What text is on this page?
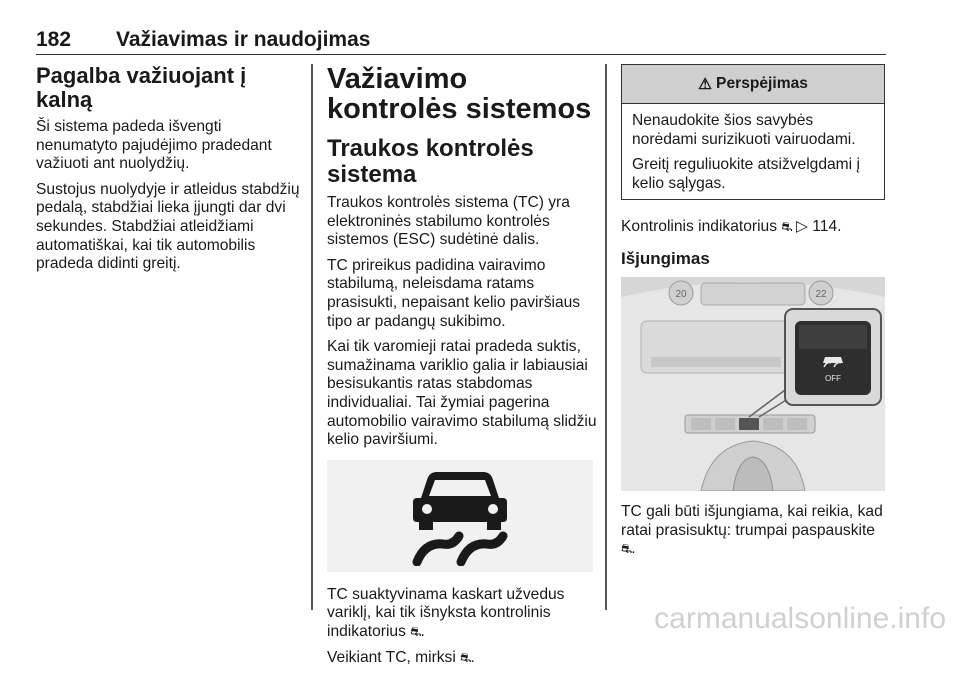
182 Važiavimas ir naudojimas
Pagalba važiuojant į kalną

Ši sistema padeda išvengti nenumatyto pajudėjimo pradedant važiuoti ant nuolydžių.

Sustojus nuolydyje ir atleidus stabdžių pedalą, stabdžiai lieka įjungti dar dvi sekundes. Stabdžiai atleidžiami automatiškai, kai tik automobilis pradeda didinti greitį.

Važiavimo kontrolės sistemos
Traukos kontrolės sistema

Traukos kontrolės sistema (TC) yra elektroninės stabilumo kontrolės sistemos (ESC) sudėtinė dalis.

TC prireikus padidina vairavimo stabilumą, neleisdama ratams prasisukti, nepaisant kelio paviršiaus tipo ar padangų sukibimo.

Kai tik varomieji ratai pradeda suktis, sumažinama variklio galia ir labiausiai besisukantis ratas stabdomas individualiai. Tai žymiai pagerina automobilio vairavimo stabilumą slidžiu kelio paviršiumi.

TC suaktyvinama kaskart užvedus variklį, kai tik išnyksta kontrolinis indikatorius ⛐.

Veikiant TC, mirksi ⛐.

⚠ Perspėjimas

Nenaudokite šios savybės norėdami surizikuoti vairuodami.

Greitį reguliuokite atsižvelgdami į kelio sąlygas.

Kontrolinis indikatorius ⛐ ▷ 114.

Išjungimas
20	22
OFF

TC gali būti išjungiama, kai reikia, kad ratai prasisuktų: trumpai paspauskite ⛐.

carmanualsonline.info
